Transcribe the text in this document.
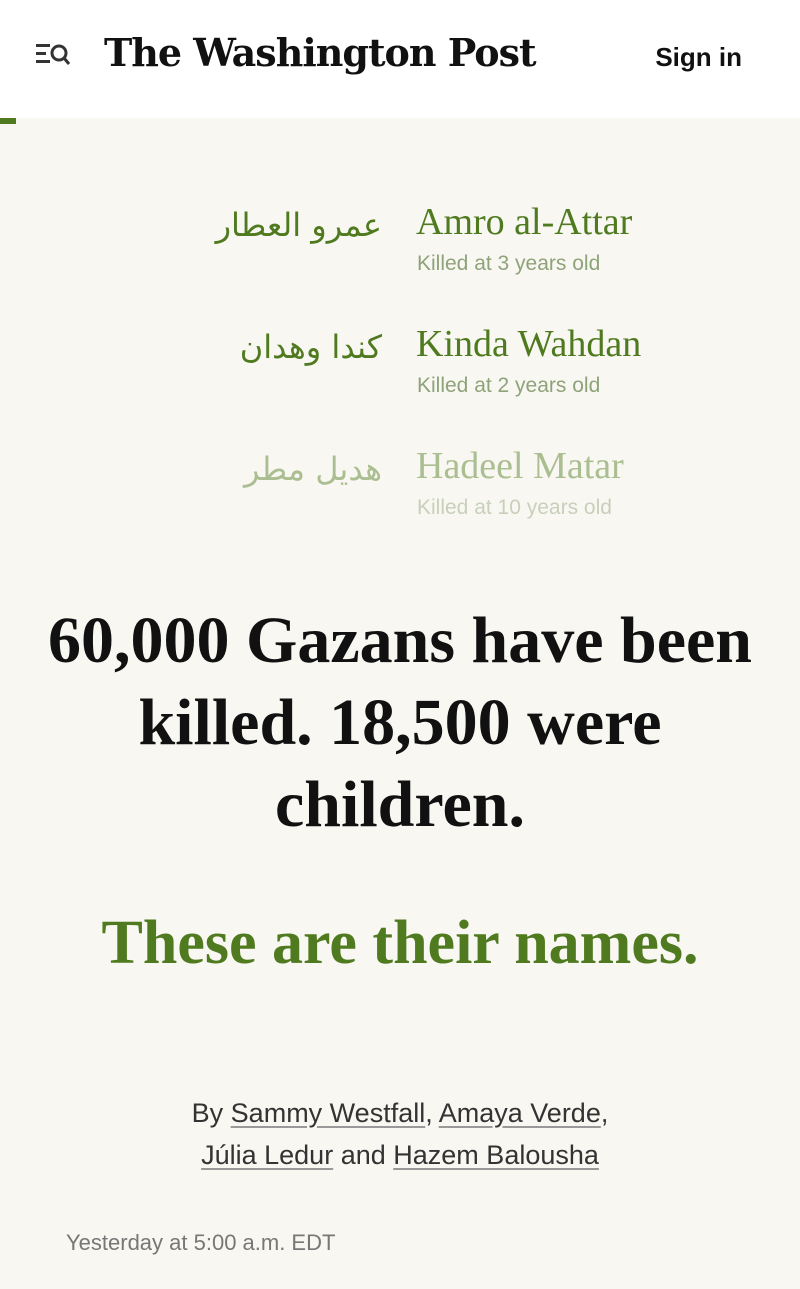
The Washington Post	Sign in
عمرو العطار Amro al-Attar
Killed at 3 years old
كندا وهدان Kinda Wahdan
Killed at 2 years old
هديل مطر Hadeel Matar
Killed at 10 years old
60,000 Gazans have been killed. 18,500 were children.
These are their names.
By Sammy Westfall, Amaya Verde,
Júlia Ledur and Hazem Balousha
Yesterday at 5:00 a.m. EDT
